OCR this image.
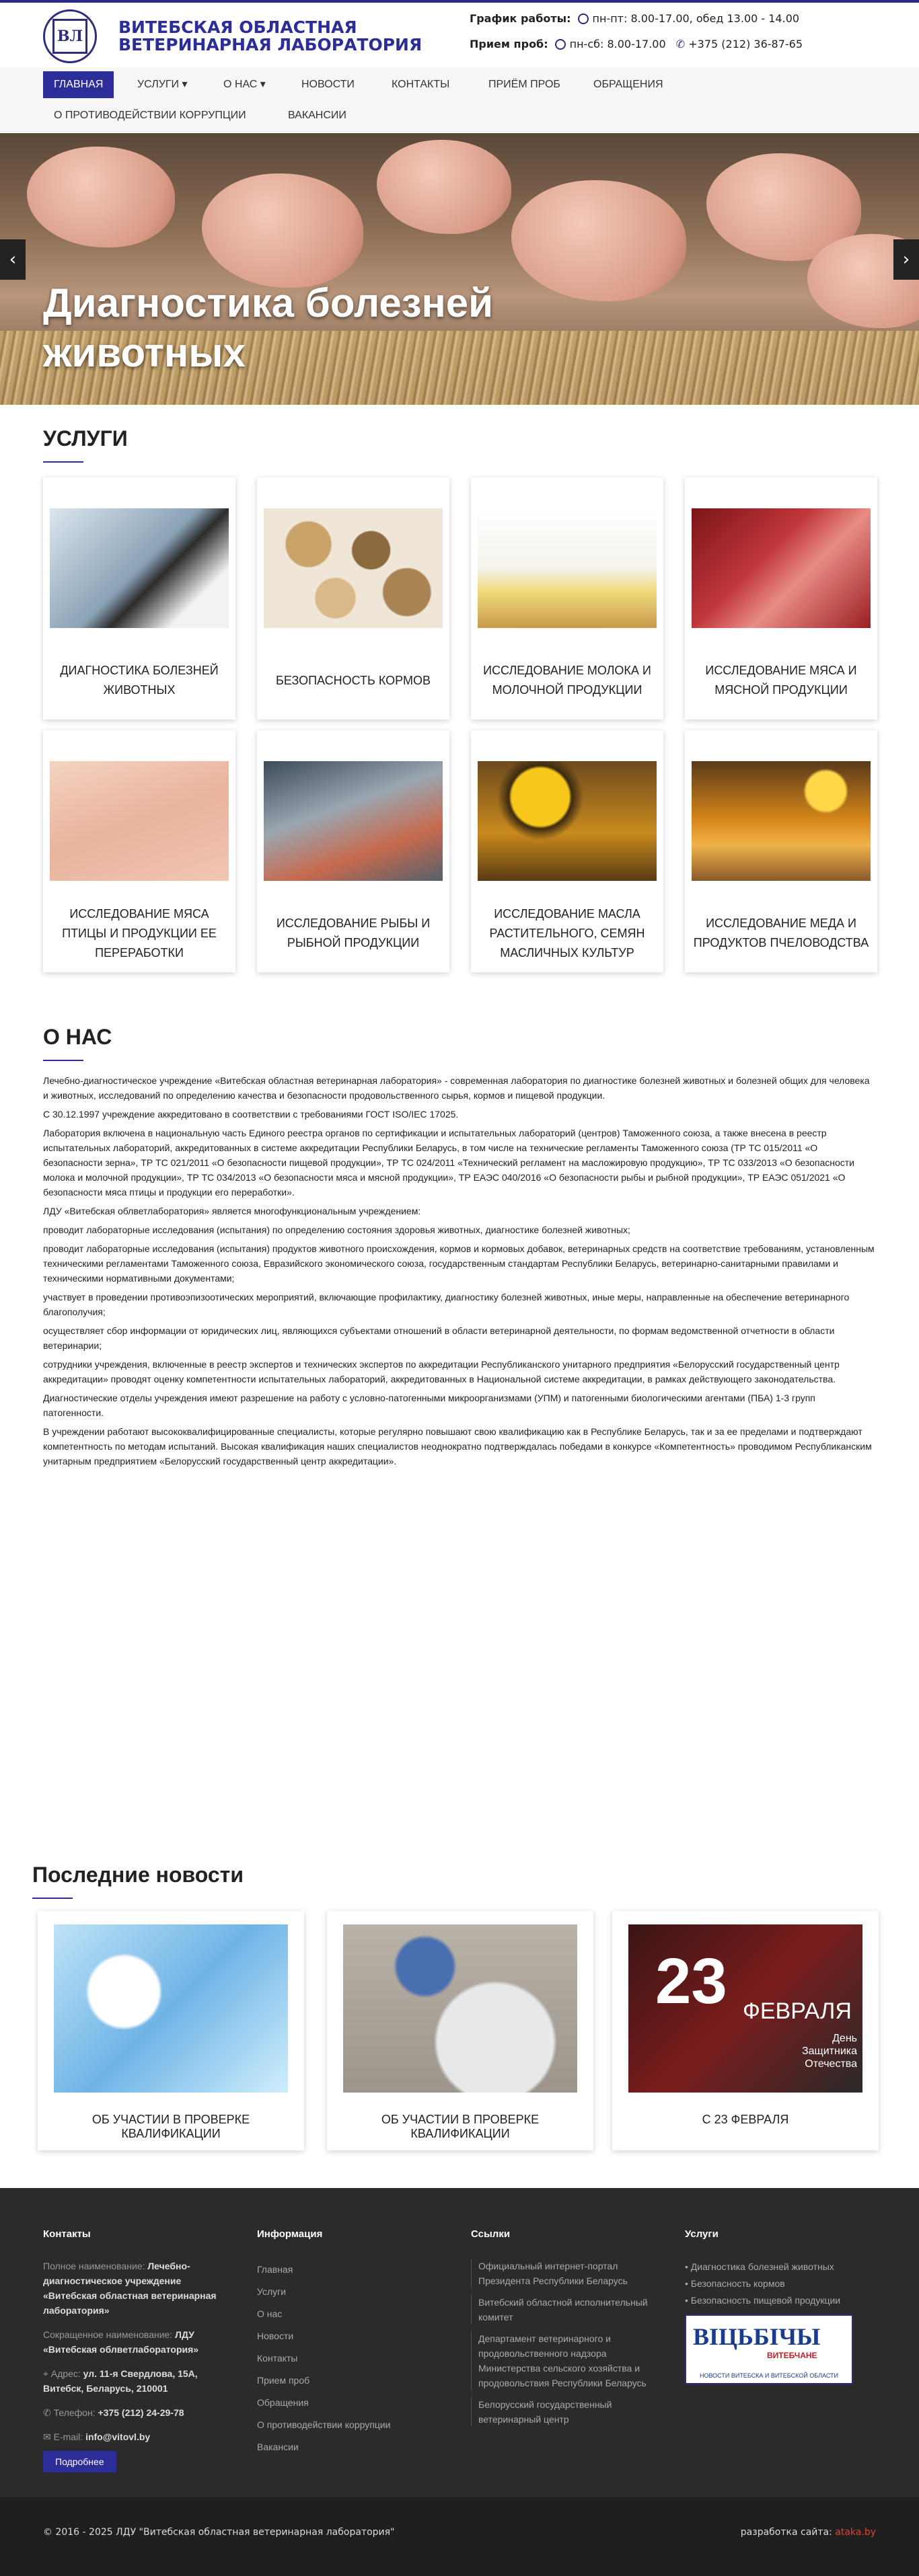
ВЛ ВИТЕБСКАЯ ОБЛАСТНАЯ
ВЕТЕРИНАРНАЯ ЛАБОРАТОРИЯ
График работы: пн-пт: 8.00-17.00, обед 13.00 - 14.00
Прием проб: пн-сб: 8.00-17.00 ✆ +375 (212) 36-87-65
ГЛАВНАЯ	УСЛУГИ ▾	О НАС ▾	НОВОСТИ	КОНТАКТЫ	ПРИЁМ ПРОБ	ОБРАЩЕНИЯ
О ПРОТИВОДЕЙСТВИИ КОРРУПЦИИ	ВАКАНСИИ
Диагностика болезней
животных
‹	›
УСЛУГИ
ДИАГНОСТИКА БОЛЕЗНЕЙ ЖИВОТНЫХ
БЕЗОПАСНОСТЬ КОРМОВ
ИССЛЕДОВАНИЕ МОЛОКА И МОЛОЧНОЙ ПРОДУКЦИИ
ИССЛЕДОВАНИЕ МЯСА И МЯСНОЙ ПРОДУКЦИИ
ИССЛЕДОВАНИЕ МЯСА ПТИЦЫ И ПРОДУКЦИИ ЕЕ ПЕРЕРАБОТКИ
ИССЛЕДОВАНИЕ РЫБЫ И РЫБНОЙ ПРОДУКЦИИ
ИССЛЕДОВАНИЕ МАСЛА РАСТИТЕЛЬНОГО, СЕМЯН МАСЛИЧНЫХ КУЛЬТУР
ИССЛЕДОВАНИЕ МЕДА И ПРОДУКТОВ ПЧЕЛОВОДСТВА
О НАС

Лечебно-диагностическое учреждение «Витебская областная ветеринарная лаборатория» - современная лаборатория по диагностике болезней животных и болезней общих для человека и животных, исследований по определению качества и безопасности продовольственного сырья, кормов и пищевой продукции.

С 30.12.1997 учреждение аккредитовано в соответствии с требованиями ГОСТ ISO/IEC 17025.

Лаборатория включена в национальную часть Единого реестра органов по сертификации и испытательных лабораторий (центров) Таможенного союза, а также внесена в реестр испытательных лабораторий, аккредитованных в системе аккредитации Республики Беларусь, в том числе на технические регламенты Таможенного союза (ТР ТС 015/2011 «О безопасности зерна», ТР ТС 021/2011 «О безопасности пищевой продукции», ТР ТС 024/2011 «Технический регламент на масложировую продукцию», ТР ТС 033/2013 «О безопасности молока и молочной продукции», ТР ТС 034/2013 «О безопасности мяса и мясной продукции», ТР ЕАЭС 040/2016 «О безопасности рыбы и рыбной продукции», ТР ЕАЭС 051/2021 «О безопасности мяса птицы и продукции его переработки».

ЛДУ «Витебская облветлаборатория» является многофункциональным учреждением:

проводит лабораторные исследования (испытания) по определению состояния здоровья животных, диагностике болезней животных;

проводит лабораторные исследования (испытания) продуктов животного происхождения, кормов и кормовых добавок, ветеринарных средств на соответствие требованиям, установленным техническими регламентами Таможенного союза, Евразийского экономического союза, государственным стандартам Республики Беларусь, ветеринарно-санитарными правилами и техническими нормативными документами;

участвует в проведении противоэпизоотических мероприятий, включающие профилактику, диагностику болезней животных, иные меры, направленные на обеспечение ветеринарного благополучия;

осуществляет сбор информации от юридических лиц, являющихся субъектами отношений в области ветеринарной деятельности, по формам ведомственной отчетности в области ветеринарии;

сотрудники учреждения, включенные в реестр экспертов и технических экспертов по аккредитации Республиканского унитарного предприятия «Белорусский государственный центр аккредитации» проводят оценку компетентности испытательных лабораторий, аккредитованных в Национальной системе аккредитации, в рамках действующего законодательства.

Диагностические отделы учреждения имеют разрешение на работу с условно-патогенными микроорганизмами (УПМ) и патогенными биологическими агентами (ПБА) 1-3 групп патогенности.

В учреждении работают высококвалифицированные специалисты, которые регулярно повышают свою квалификацию как в Республике Беларусь, так и за ее пределами и подтверждают компетентность по методам испытаний. Высокая квалификация наших специалистов неоднократно подтверждалась победами в конкурсе «Компетентность» проводимом Республиканским унитарным предприятием «Белорусский государственный центр аккредитации».

Последние новости
ОБ УЧАСТИИ В ПРОВЕРКЕ КВАЛИФИКАЦИИ
ОБ УЧАСТИИ В ПРОВЕРКЕ КВАЛИФИКАЦИИ
23 ФЕВРАЛЯ
День Защитника Отечества
С 23 ФЕВРАЛЯ
Контакты
Полное наименование: Лечебно-диагностическое учреждение «Витебская областная ветеринарная лаборатория»
Сокращенное наименование: ЛДУ «Витебская облветлаборатория»
⌖ Адрес: ул. 11-я Свердлова, 15А, Витебск, Беларусь, 210001
✆ Телефон: +375 (212) 24-29-78
✉ E-mail: info@vitovl.by
Подробнее
Информация
Главная
Услуги
О нас
Новости
Контакты
Прием проб
Обращения
О противодействии коррупции
Вакансии
Ссылки
Официальный интернет-портал Президента Республики Беларусь
Витебский областной исполнительный комитет
Департамент ветеринарного и продовольственного надзора Министерства сельского хозяйства и продовольствия Республики Беларусь
Белорусский государственный ветеринарный центр
Услуги
• Диагностика болезней животных
• Безопасность кормов
• Безопасность пищевой продукции
ВІЦЬБІЧЫ
ВИТЕБЧАНЕ
НОВОСТИ ВИТЕБСКА И ВИТЕБСКОЙ ОБЛАСТИ
© 2016 - 2025 ЛДУ "Витебская областная ветеринарная лаборатория"	разработка сайта: ataka.by
